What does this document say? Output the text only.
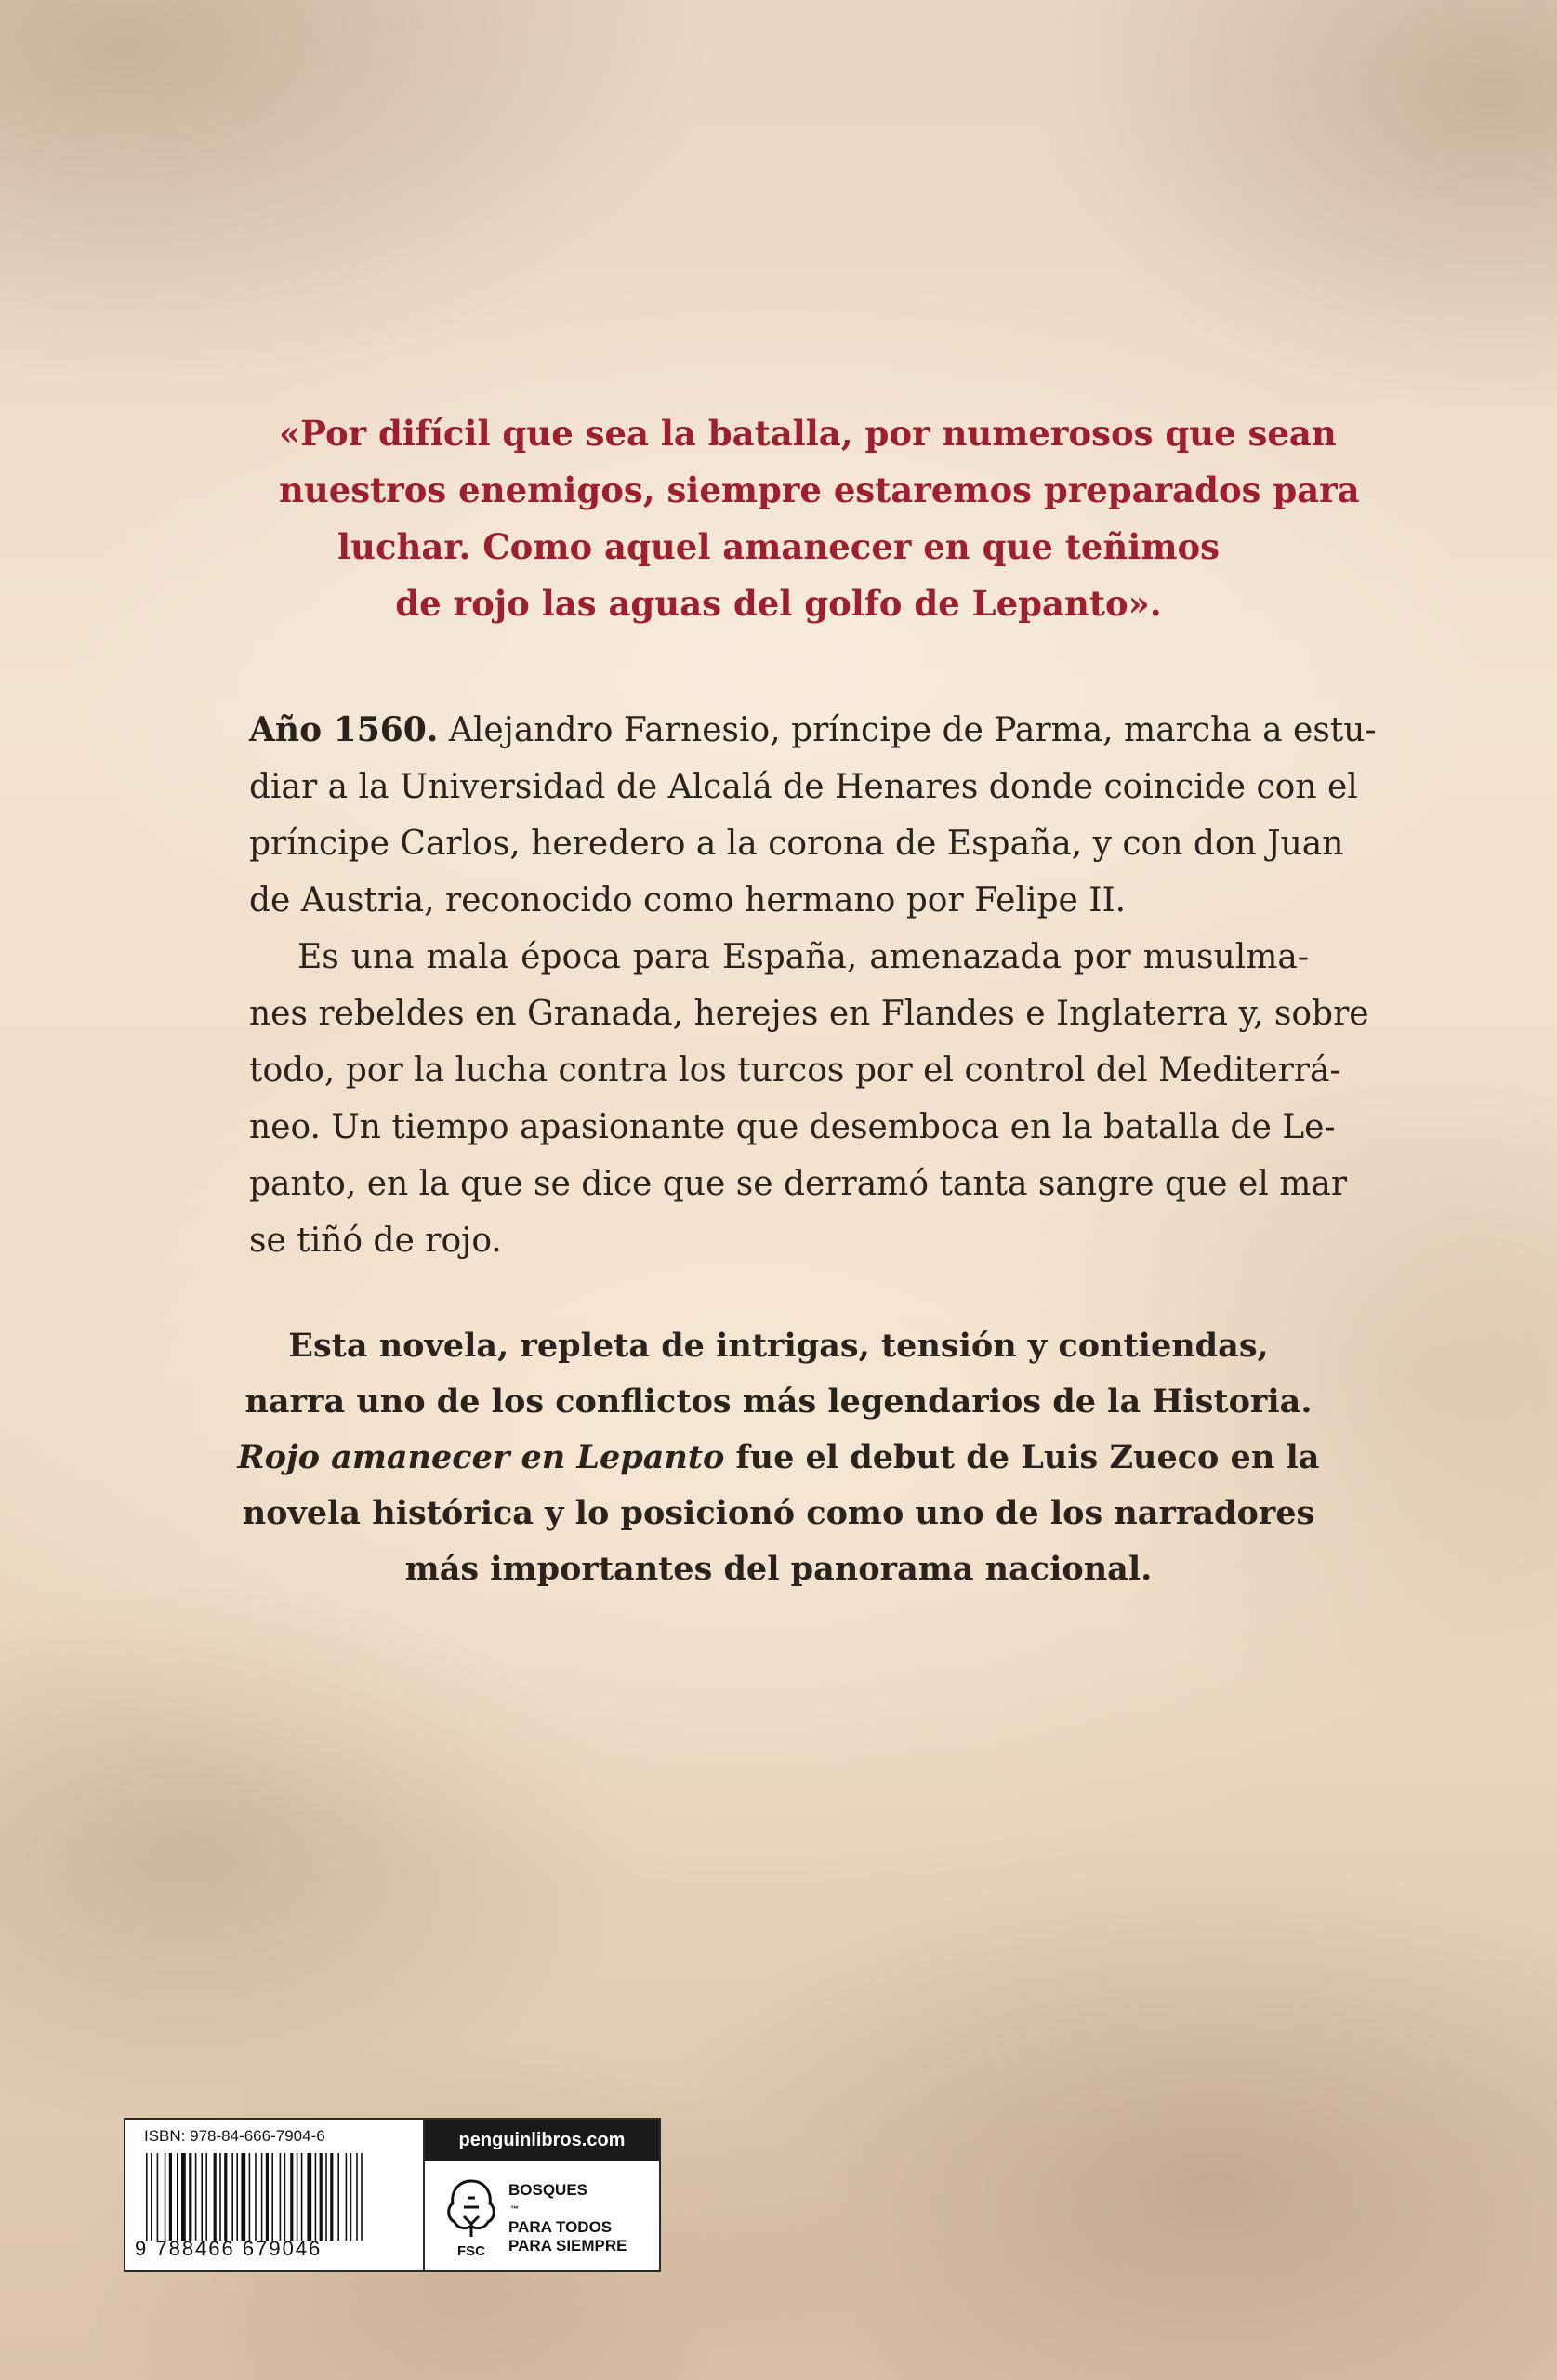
«Por difícil que sea la batalla, por numerosos que sean
nuestros enemigos, siempre estaremos preparados para
luchar. Como aquel amanecer en que teñimos
de rojo las aguas del golfo de Lepanto».

Año 1560. Alejandro Farnesio, príncipe de Parma, marcha a estu-
diar a la Universidad de Alcalá de Henares donde coincide con el
príncipe Carlos, heredero a la corona de España, y con don Juan
de Austria, reconocido como hermano por Felipe II.
Es una mala época para España, amenazada por musulma-
nes rebeldes en Granada, herejes en Flandes e Inglaterra y, sobre
todo, por la lucha contra los turcos por el control del Mediterrá-
neo. Un tiempo apasionante que desemboca en la batalla de Le-
panto, en la que se dice que se derramó tanta sangre que el mar
se tiñó de rojo.
Esta novela, repleta de intrigas, tensión y contiendas,
narra uno de los conflictos más legendarios de la Historia.
Rojo amanecer en Lepanto fue el debut de Luis Zueco en la
novela histórica y lo posicionó como uno de los narradores
más importantes del panorama nacional.
ISBN: 978-84-666-7904-6
9 788466 679046
penguinlibros.com
FSC
BOSQUES
™
PARA TODOS
PARA SIEMPRE
